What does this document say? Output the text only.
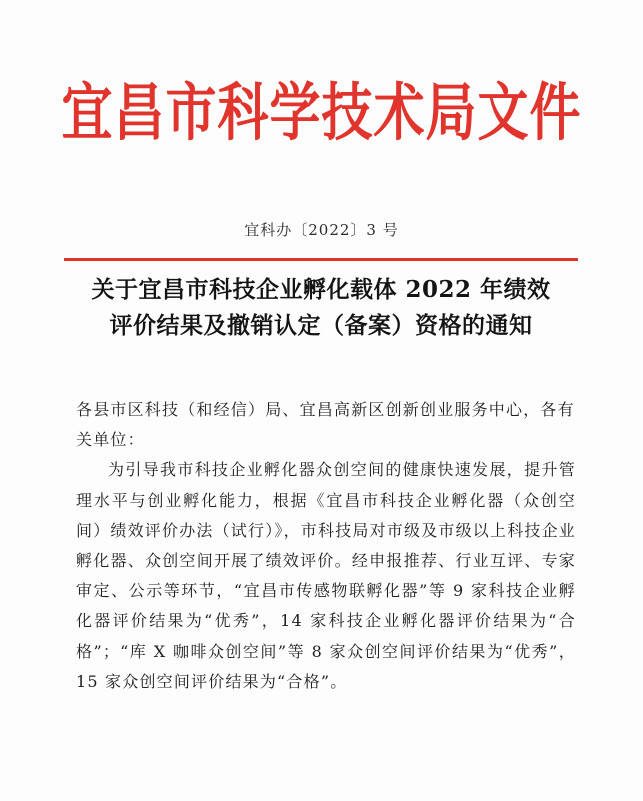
宜昌市科学技术局文件
宜科办〔2022〕3 号
关于宜昌市科技企业孵化载体 2022 年绩效
评价结果及撤销认定（备案）资格的通知

各县市区科技（和经信）局、宜昌高新区创新创业服务中心，各有关单位：

为引导我市科技企业孵化器众创空间的健康快速发展，提升管理水平与创业孵化能力，根据《宜昌市科技企业孵化器（众创空间）绩效评价办法（试行）》，市科技局对市级及市级以上科技企业孵化器、众创空间开展了绩效评价。经申报推荐、行业互评、专家审定、公示等环节，“宜昌市传感物联孵化器”等 9 家科技企业孵化器评价结果为“优秀”，14 家科技企业孵化器评价结果为“合格”；“库 X 咖啡众创空间”等 8 家众创空间评价结果为“优秀”，15 家众创空间评价结果为“合格”。
